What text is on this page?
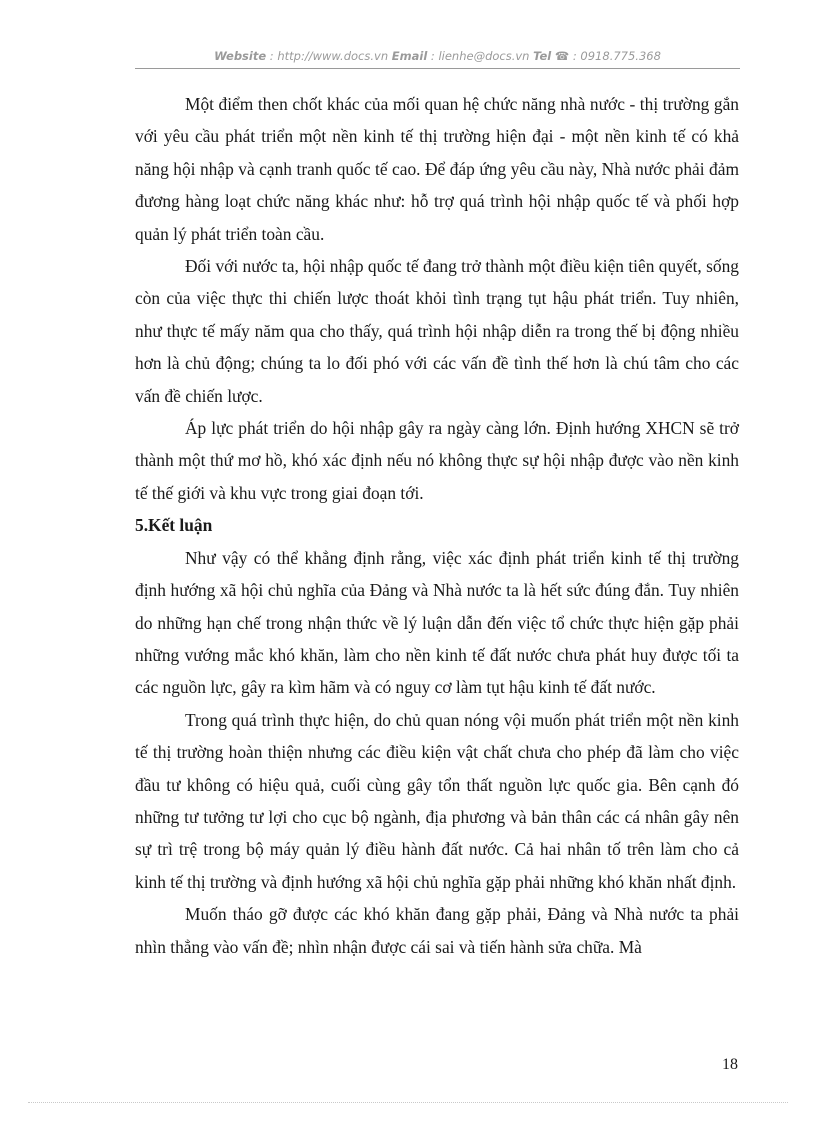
Website : http://www.docs.vn Email : lienhe@docs.vn Tel ☎ : 0918.775.368

Một điểm then chốt khác của mối quan hệ chức năng nhà nước - thị trường gắn với yêu cầu phát triển một nền kinh tế thị trường hiện đại - một nền kinh tế có khả năng hội nhập và cạnh tranh quốc tế cao. Để đáp ứng yêu cầu này, Nhà nước phải đảm đương hàng loạt chức năng khác như: hỗ trợ quá trình hội nhập quốc tế và phối hợp quản lý phát triển toàn cầu.

Đối với nước ta, hội nhập quốc tế đang trở thành một điều kiện tiên quyết, sống còn của việc thực thi chiến lược thoát khỏi tình trạng tụt hậu phát triển. Tuy nhiên, như thực tế mấy năm qua cho thấy, quá trình hội nhập diễn ra trong thế bị động nhiều hơn là chủ động; chúng ta lo đối phó với các vấn đề tình thế hơn là chú tâm cho các vấn đề chiến lược.

Áp lực phát triển do hội nhập gây ra ngày càng lớn. Định hướng XHCN sẽ trở thành một thứ mơ hồ, khó xác định nếu nó không thực sự hội nhập được vào nền kinh tế thế giới và khu vực trong giai đoạn tới.

5.Kết luận

Như vậy có thể khẳng định rằng, việc xác định phát triển kinh tế thị trường định hướng xã hội chủ nghĩa của Đảng và Nhà nước ta là hết sức đúng đắn. Tuy nhiên do những hạn chế trong nhận thức về lý luận dẫn đến việc tổ chức thực hiện gặp phải những vướng mắc khó khăn, làm cho nền kinh tế đất nước chưa phát huy được tối ta các nguồn lực, gây ra kìm hãm và có nguy cơ làm tụt hậu kinh tế đất nước.

Trong quá trình thực hiện, do chủ quan nóng vội muốn phát triển một nền kinh tế thị trường hoàn thiện nhưng các điều kiện vật chất chưa cho phép đã làm cho việc đầu tư không có hiệu quả, cuối cùng gây tổn thất nguồn lực quốc gia. Bên cạnh đó những tư tưởng tư lợi cho cục bộ ngành, địa phương và bản thân các cá nhân gây nên sự trì trệ trong bộ máy quản lý điều hành đất nước. Cả hai nhân tố trên làm cho cả kinh tế thị trường và định hướng xã hội chủ nghĩa gặp phải những khó khăn nhất định.

Muốn tháo gỡ được các khó khăn đang gặp phải, Đảng và Nhà nước ta phải nhìn thẳng vào vấn đề; nhìn nhận được cái sai và tiến hành sửa chữa. Mà

18
